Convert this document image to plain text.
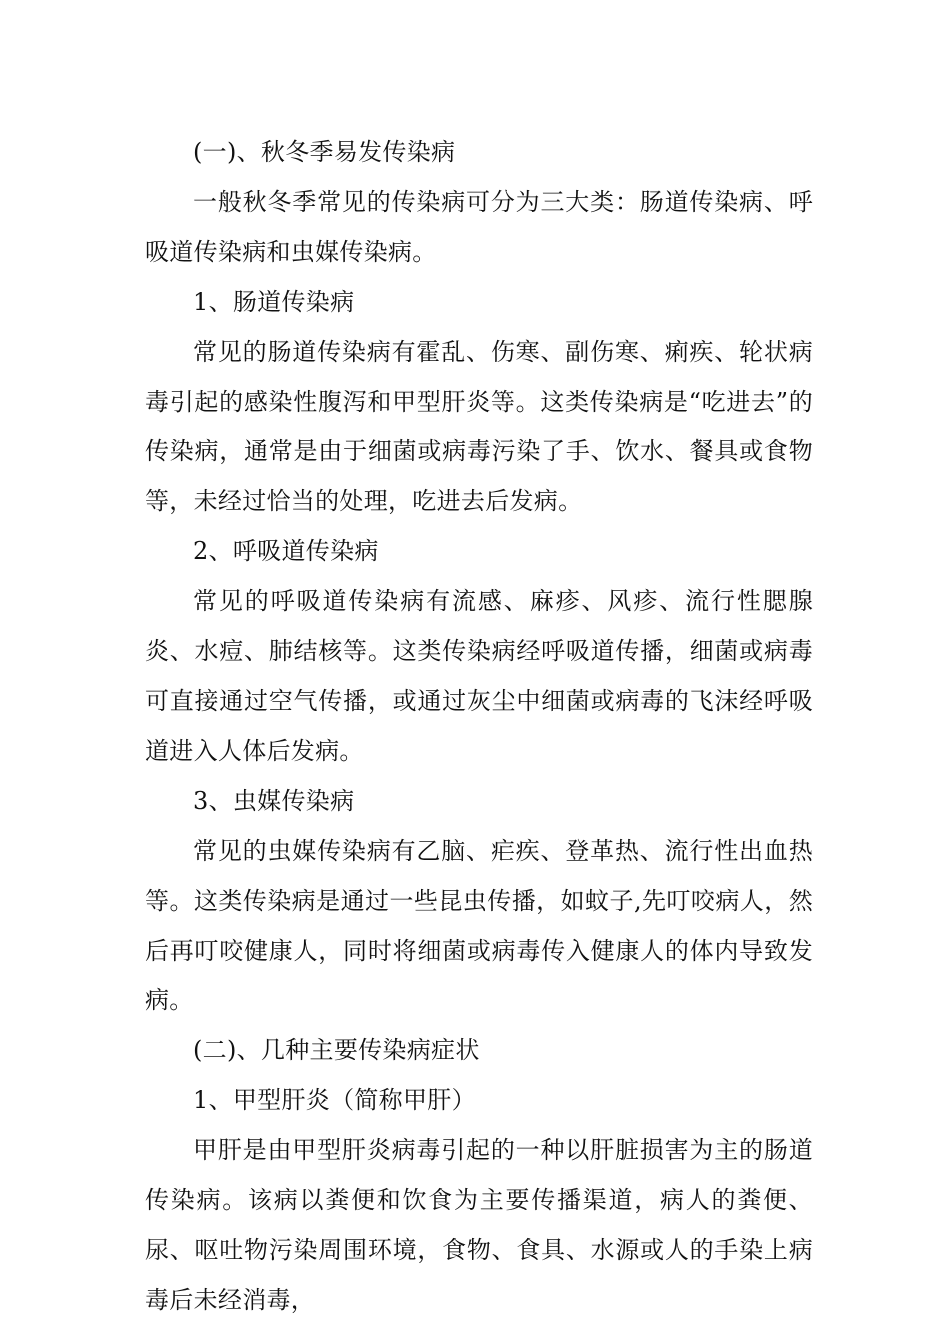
(一)、秋冬季易发传染病

一般秋冬季常见的传染病可分为三大类：肠道传染病、呼吸道传染病和虫媒传染病。

1、肠道传染病

常见的肠道传染病有霍乱、伤寒、副伤寒、痢疾、轮状病毒引起的感染性腹泻和甲型肝炎等。这类传染病是“吃进去”的传染病，通常是由于细菌或病毒污染了手、饮水、餐具或食物等，未经过恰当的处理，吃进去后发病。

2、呼吸道传染病

常见的呼吸道传染病有流感、麻疹、风疹、流行性腮腺炎、水痘、肺结核等。这类传染病经呼吸道传播，细菌或病毒可直接通过空气传播，或通过灰尘中细菌或病毒的飞沫经呼吸道进入人体后发病。

3、虫媒传染病

常见的虫媒传染病有乙脑、疟疾、登革热、流行性出血热等。这类传染病是通过一些昆虫传播，如蚊子,先叮咬病人，然后再叮咬健康人，同时将细菌或病毒传入健康人的体内导致发病。

(二)、几种主要传染病症状

1、甲型肝炎（简称甲肝）

甲肝是由甲型肝炎病毒引起的一种以肝脏损害为主的肠道传染病。该病以粪便和饮食为主要传播渠道，病人的粪便、尿、呕吐物污染周围环境，食物、食具、水源或人的手染上病毒后未经消毒，
